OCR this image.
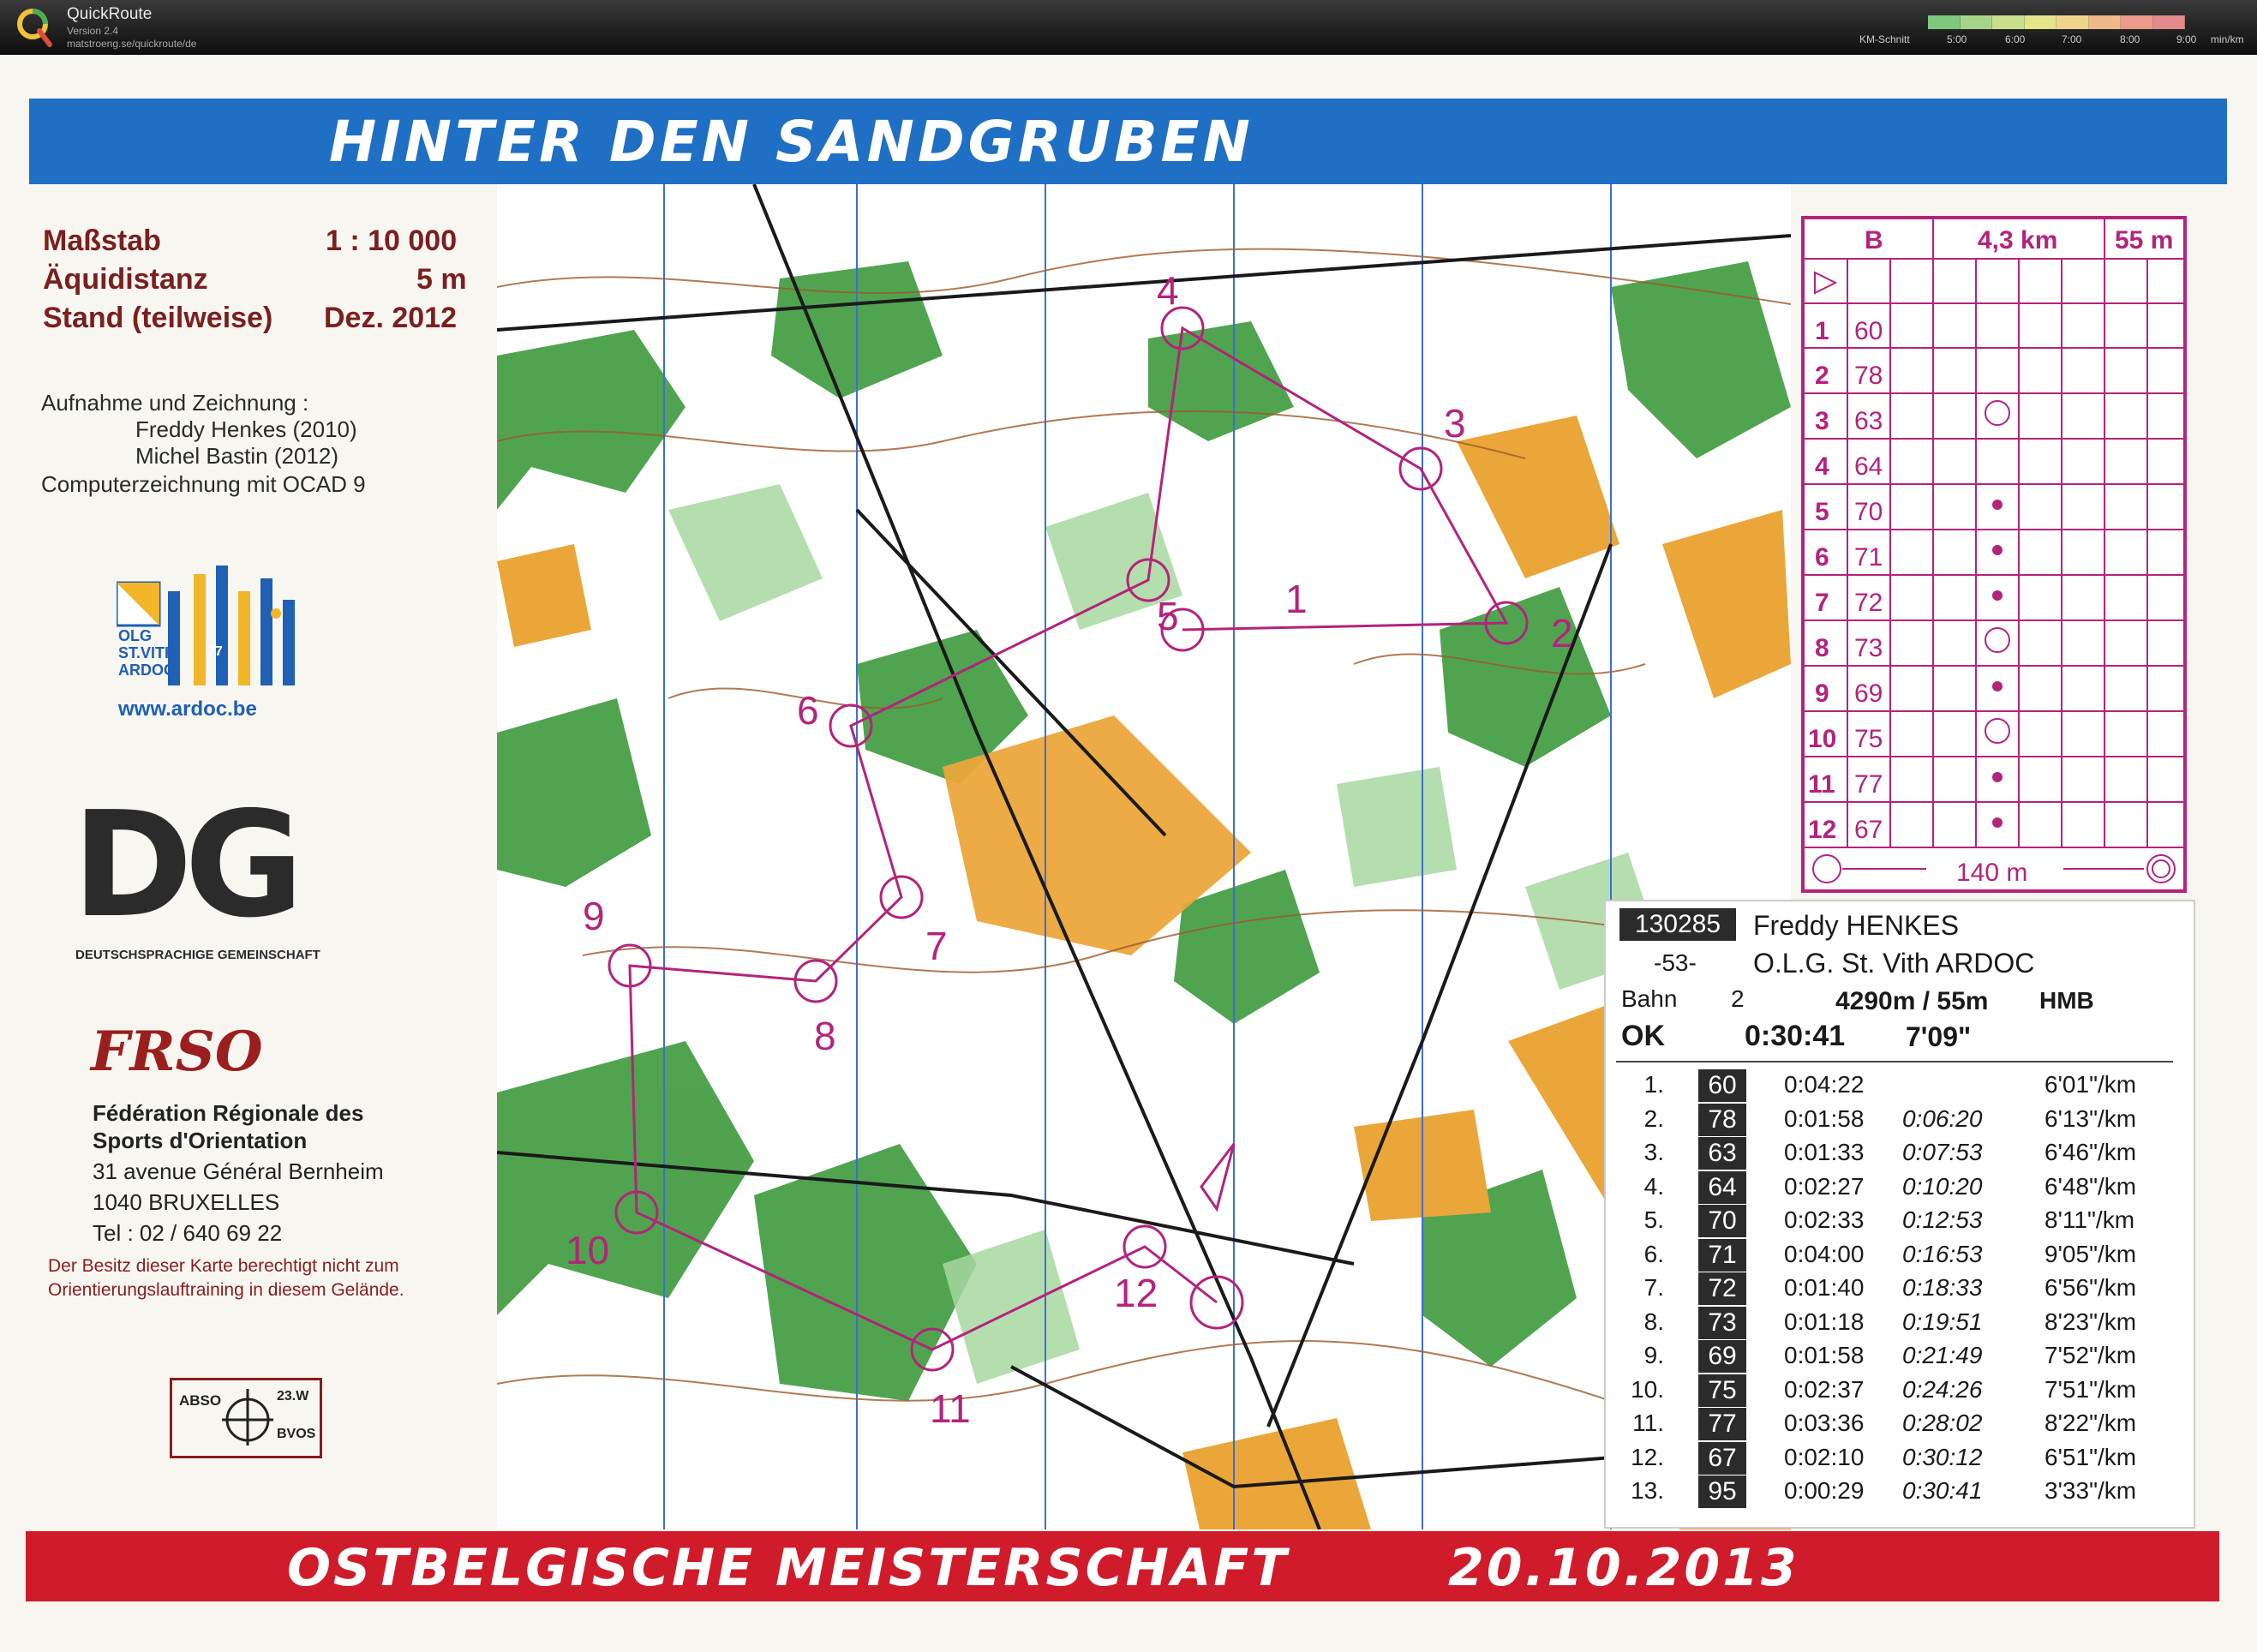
QuickRoute
Version 2.4
matstroeng.se/quickroute/de	KM-Schnitt	5:00	6:00	7:00	8:00	9:00 min/km
HINTER DEN SANDGRUBEN
Maßstab	1 : 10 000
Äquidistanz	5 m
Stand (teilweise) Dez. 2012
Aufnahme und Zeichnung :
Freddy Henkes (2010)
Michel Bastin (2012)
Computerzeichnung mit OCAD 9
OLG
ST.VITH
ARDOC
77
www.ardoc.be
DG
DEUTSCHSPRACHIGE GEMEINSCHAFT
FRSO
Fédération Régionale des
Sports d'Orientation
31 avenue Général Bernheim
1040 BRUXELLES
Tel : 02 / 640 69 22
Der Besitz dieser Karte berechtigt nicht zum
Orientierungslauftraining in diesem Gelände.
ABSO	23.W
BVOS
1
2
3
4
5
6
7
8
9
10
11
12
B	4,3 km 55 m
1 60
2 78
3 63
4 64
5 70
6 71
7 72
8 73
9 69
10 75
11 77
12 67
140 m
130285	Freddy HENKES
-53- O.L.G. St. Vith ARDOC
Bahn 2	4290m / 55m HMB
OK	0:30:41 7'09"
1.	60	0:04:22	6'01"/km
2.	78	0:01:58 0:06:20	6'13"/km
3.	63	0:01:33 0:07:53	6'46"/km
4.	64	0:02:27 0:10:20	6'48"/km
5.	70	0:02:33 0:12:53	8'11"/km
6.	71	0:04:00 0:16:53	9'05"/km
7.	72	0:01:40 0:18:33	6'56"/km
8.	73	0:01:18 0:19:51	8'23"/km
9.	69	0:01:58 0:21:49	7'52"/km
10.	75	0:02:37 0:24:26	7'51"/km
11.	77	0:03:36 0:28:02	8'22"/km
12.	67	0:02:10 0:30:12	6'51"/km
13.	95	0:00:29 0:30:41	3'33"/km
OSTBELGISCHE MEISTERSCHAFT	20.10.2013
